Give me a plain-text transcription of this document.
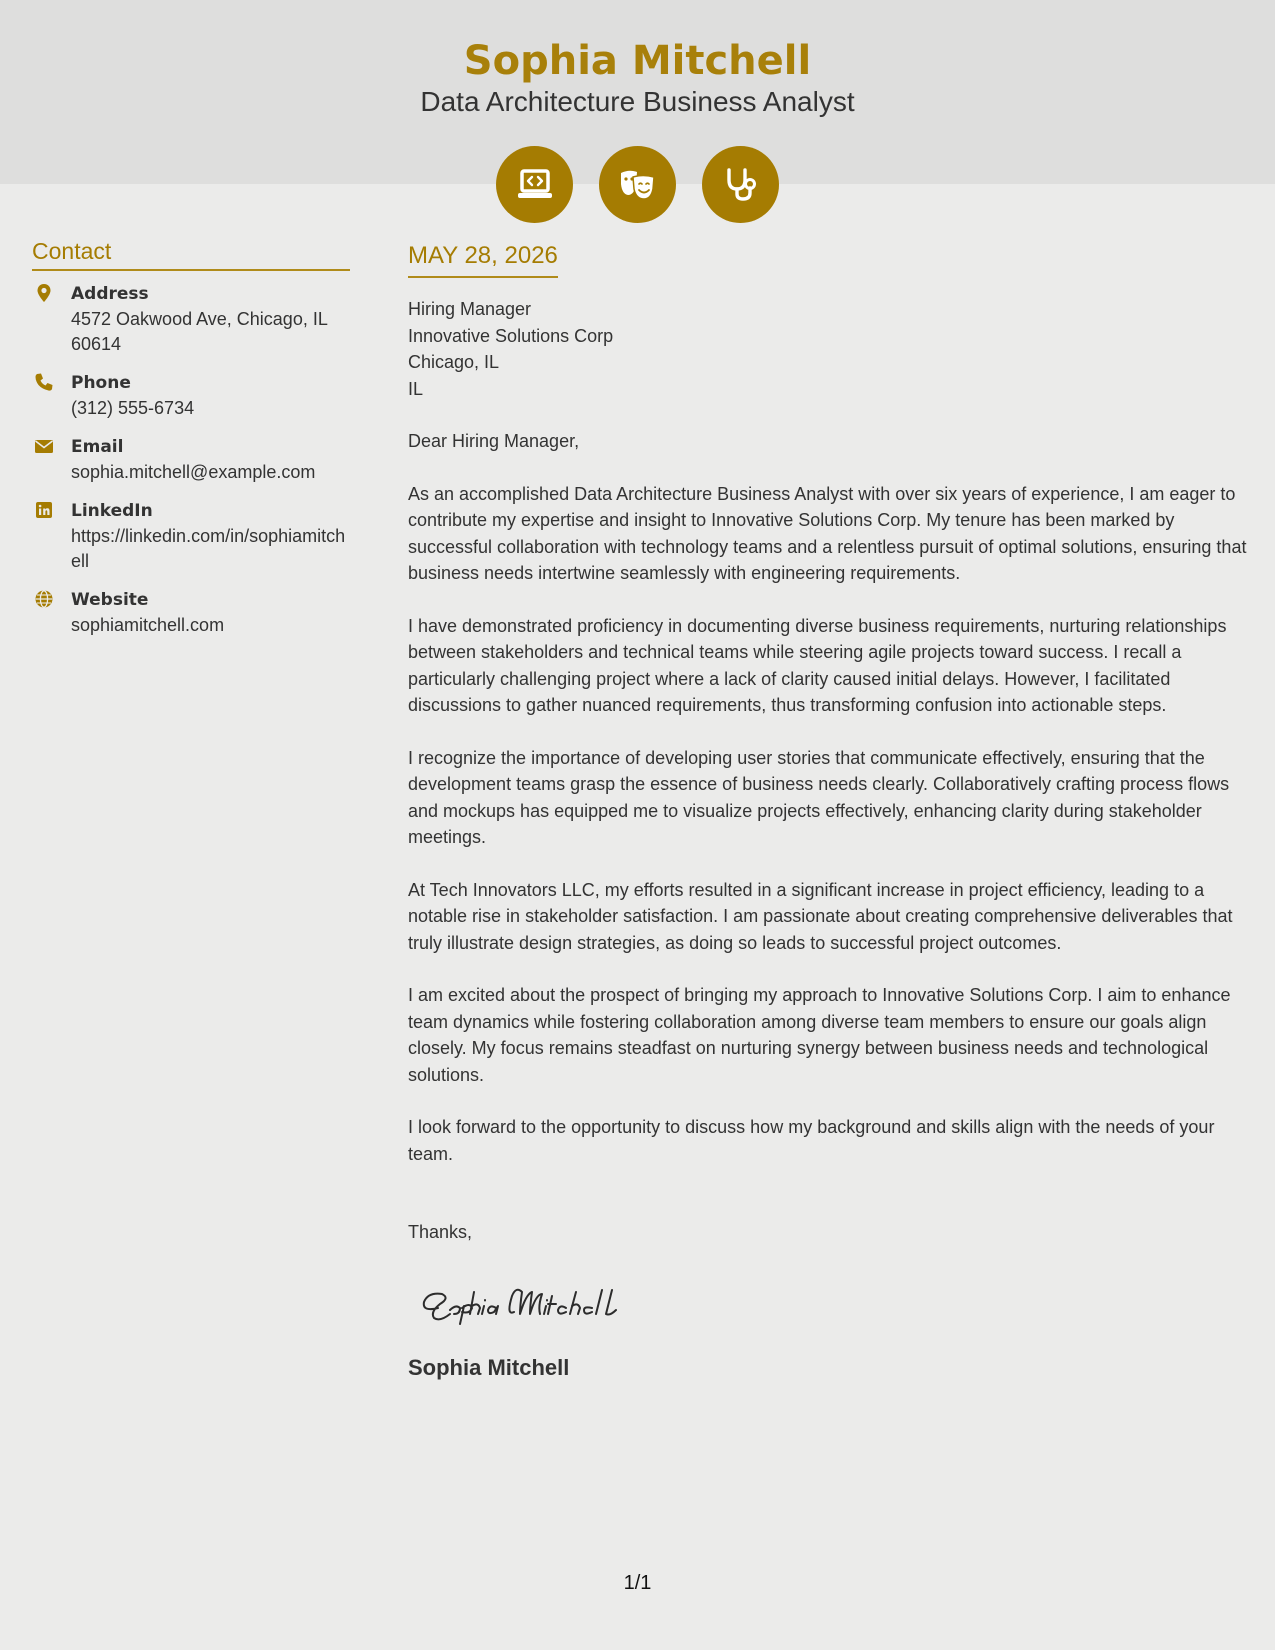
Sophia Mitchell
Data Architecture Business Analyst
Contact
Address
4572 Oakwood Ave, Chicago, IL 60614
Phone
(312) 555-6734
Email
sophia.mitchell@example.com
LinkedIn
https://linkedin.com/in/sophiamitchell
Website
sophiamitchell.com
MAY 28, 2026
Hiring Manager
Innovative Solutions Corp
Chicago, IL
IL
Dear Hiring Manager,
As an accomplished Data Architecture Business Analyst with over six years of experience, I am eager to contribute my expertise and insight to Innovative Solutions Corp. My tenure has been marked by successful collaboration with technology teams and a relentless pursuit of optimal solutions, ensuring that business needs intertwine seamlessly with engineering requirements.
I have demonstrated proficiency in documenting diverse business requirements, nurturing relationships between stakeholders and technical teams while steering agile projects toward success. I recall a particularly challenging project where a lack of clarity caused initial delays. However, I facilitated discussions to gather nuanced requirements, thus transforming confusion into actionable steps.
I recognize the importance of developing user stories that communicate effectively, ensuring that the development teams grasp the essence of business needs clearly. Collaboratively crafting process flows and mockups has equipped me to visualize projects effectively, enhancing clarity during stakeholder meetings.
At Tech Innovators LLC, my efforts resulted in a significant increase in project efficiency, leading to a notable rise in stakeholder satisfaction. I am passionate about creating comprehensive deliverables that truly illustrate design strategies, as doing so leads to successful project outcomes.
I am excited about the prospect of bringing my approach to Innovative Solutions Corp. I aim to enhance team dynamics while fostering collaboration among diverse team members to ensure our goals align closely. My focus remains steadfast on nurturing synergy between business needs and technological solutions.
I look forward to the opportunity to discuss how my background and skills align with the needs of your team.
Thanks,
Sophia Mitchell
1/1
